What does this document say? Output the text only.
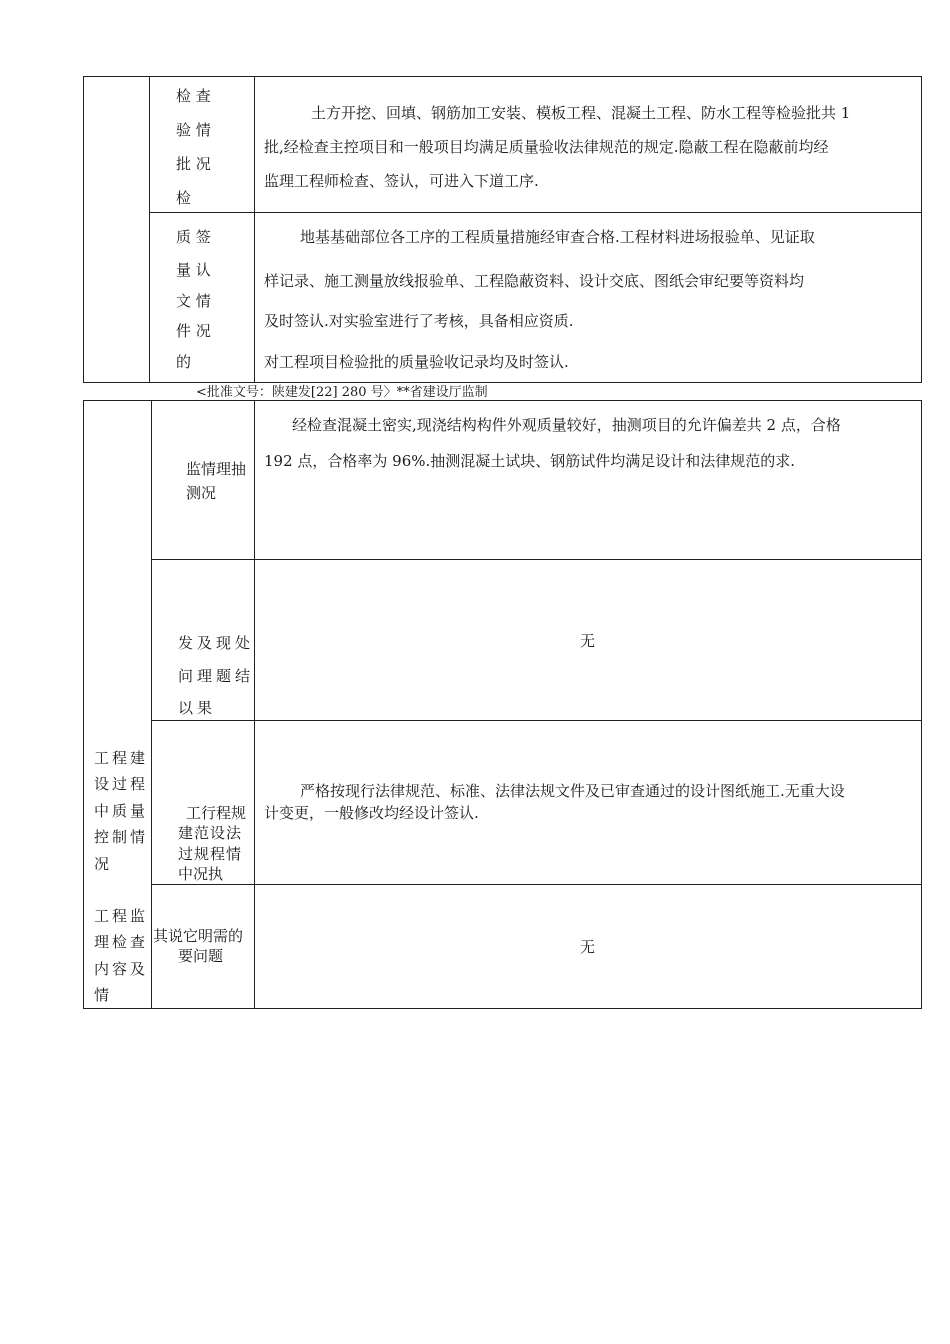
检 查
验 情
批 况
检
土方开挖、回填、钢筋加工安装、模板工程、混凝土工程、防水工程等检验批共 1
批,经检查主控项目和一般项目均满足质量验收法律规范的规定.隐蔽工程在隐蔽前均经
监理工程师检查、签认，可进入下道工序.
质 签
量 认
文 情
件 况
的
地基基础部位各工序的工程质量措施经审查合格.工程材料进场报验单、见证取
样记录、施工测量放线报验单、工程隐蔽资料、设计交底、图纸会审纪要等资料均
及时签认.对实验室进行了考核，具备相应资质.
对工程项目检验批的质量验收记录均及时签认.
<批准文号：陕建发[22] 280 号〉**省建设厅监制
工程建
设过程
中质量
控制情
况
工程监
理检查
内容及
情
监情理抽
测况
经检查混凝土密实,现浇结构构件外观质量较好，抽测项目的允许偏差共 2 点，合格
192 点，合格率为 96%.抽测混凝土试块、钢筋试件均满足设计和法律规范的求.
发及现处
问理题结
以果
无
工行程规
建范设法
过规程情
中况执
严格按现行法律规范、标准、法律法规文件及已审查通过的设计图纸施工.无重大设
计变更，一般修改均经设计签认.
其说它明需的
要问题	无
